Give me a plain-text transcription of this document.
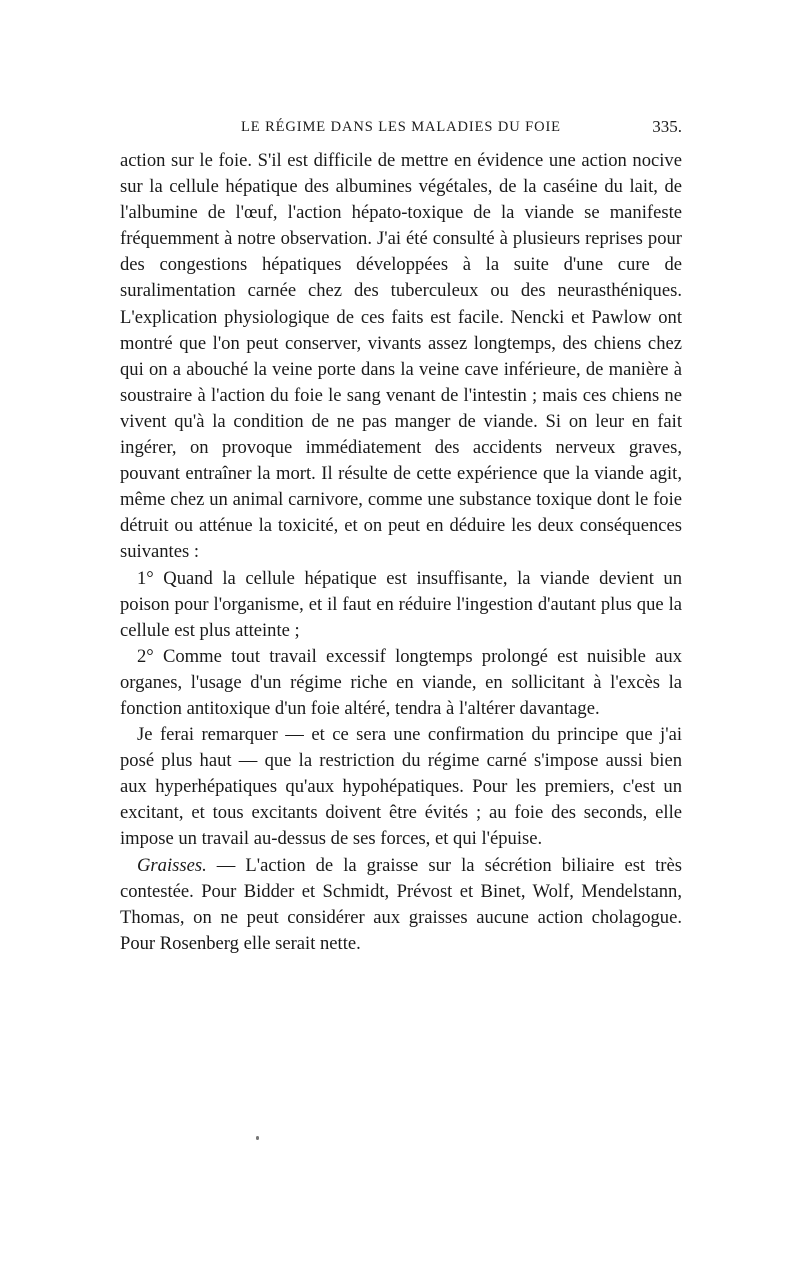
LE RÉGIME DANS LES MALADIES DU FOIE	335.

action sur le foie. S'il est difficile de mettre en évidence une action nocive sur la cellule hépatique des albumines végétales, de la caséine du lait, de l'albumine de l'œuf, l'action hépato-toxique de la viande se manifeste fréquemment à notre observation. J'ai été consulté à plusieurs reprises pour des congestions hépatiques développées à la suite d'une cure de suralimentation carnée chez des tuberculeux ou des neurasthéniques. L'explication physiologique de ces faits est facile. Nencki et Pawlow ont montré que l'on peut conserver, vivants assez longtemps, des chiens chez qui on a abouché la veine porte dans la veine cave inférieure, de manière à soustraire à l'action du foie le sang venant de l'intestin ; mais ces chiens ne vivent qu'à la condition de ne pas manger de viande. Si on leur en fait ingérer, on provoque immédiatement des accidents nerveux graves, pouvant entraîner la mort. Il résulte de cette expérience que la viande agit, même chez un animal carnivore, comme une substance toxique dont le foie détruit ou atténue la toxicité, et on peut en déduire les deux conséquences suivantes :

1° Quand la cellule hépatique est insuffisante, la viande devient un poison pour l'organisme, et il faut en réduire l'ingestion d'autant plus que la cellule est plus atteinte ;

2° Comme tout travail excessif longtemps prolongé est nuisible aux organes, l'usage d'un régime riche en viande, en sollicitant à l'excès la fonction antitoxique d'un foie altéré, tendra à l'altérer davantage.

Je ferai remarquer — et ce sera une confirmation du principe que j'ai posé plus haut — que la restriction du régime carné s'impose aussi bien aux hyperhépatiques qu'aux hypohépatiques. Pour les premiers, c'est un excitant, et tous excitants doivent être évités ; au foie des seconds, elle impose un travail au-dessus de ses forces, et qui l'épuise.

Graisses. — L'action de la graisse sur la sécrétion biliaire est très contestée. Pour Bidder et Schmidt, Prévost et Binet, Wolf, Mendelstann, Thomas, on ne peut considérer aux graisses aucune action cholagogue. Pour Rosenberg elle serait nette.
